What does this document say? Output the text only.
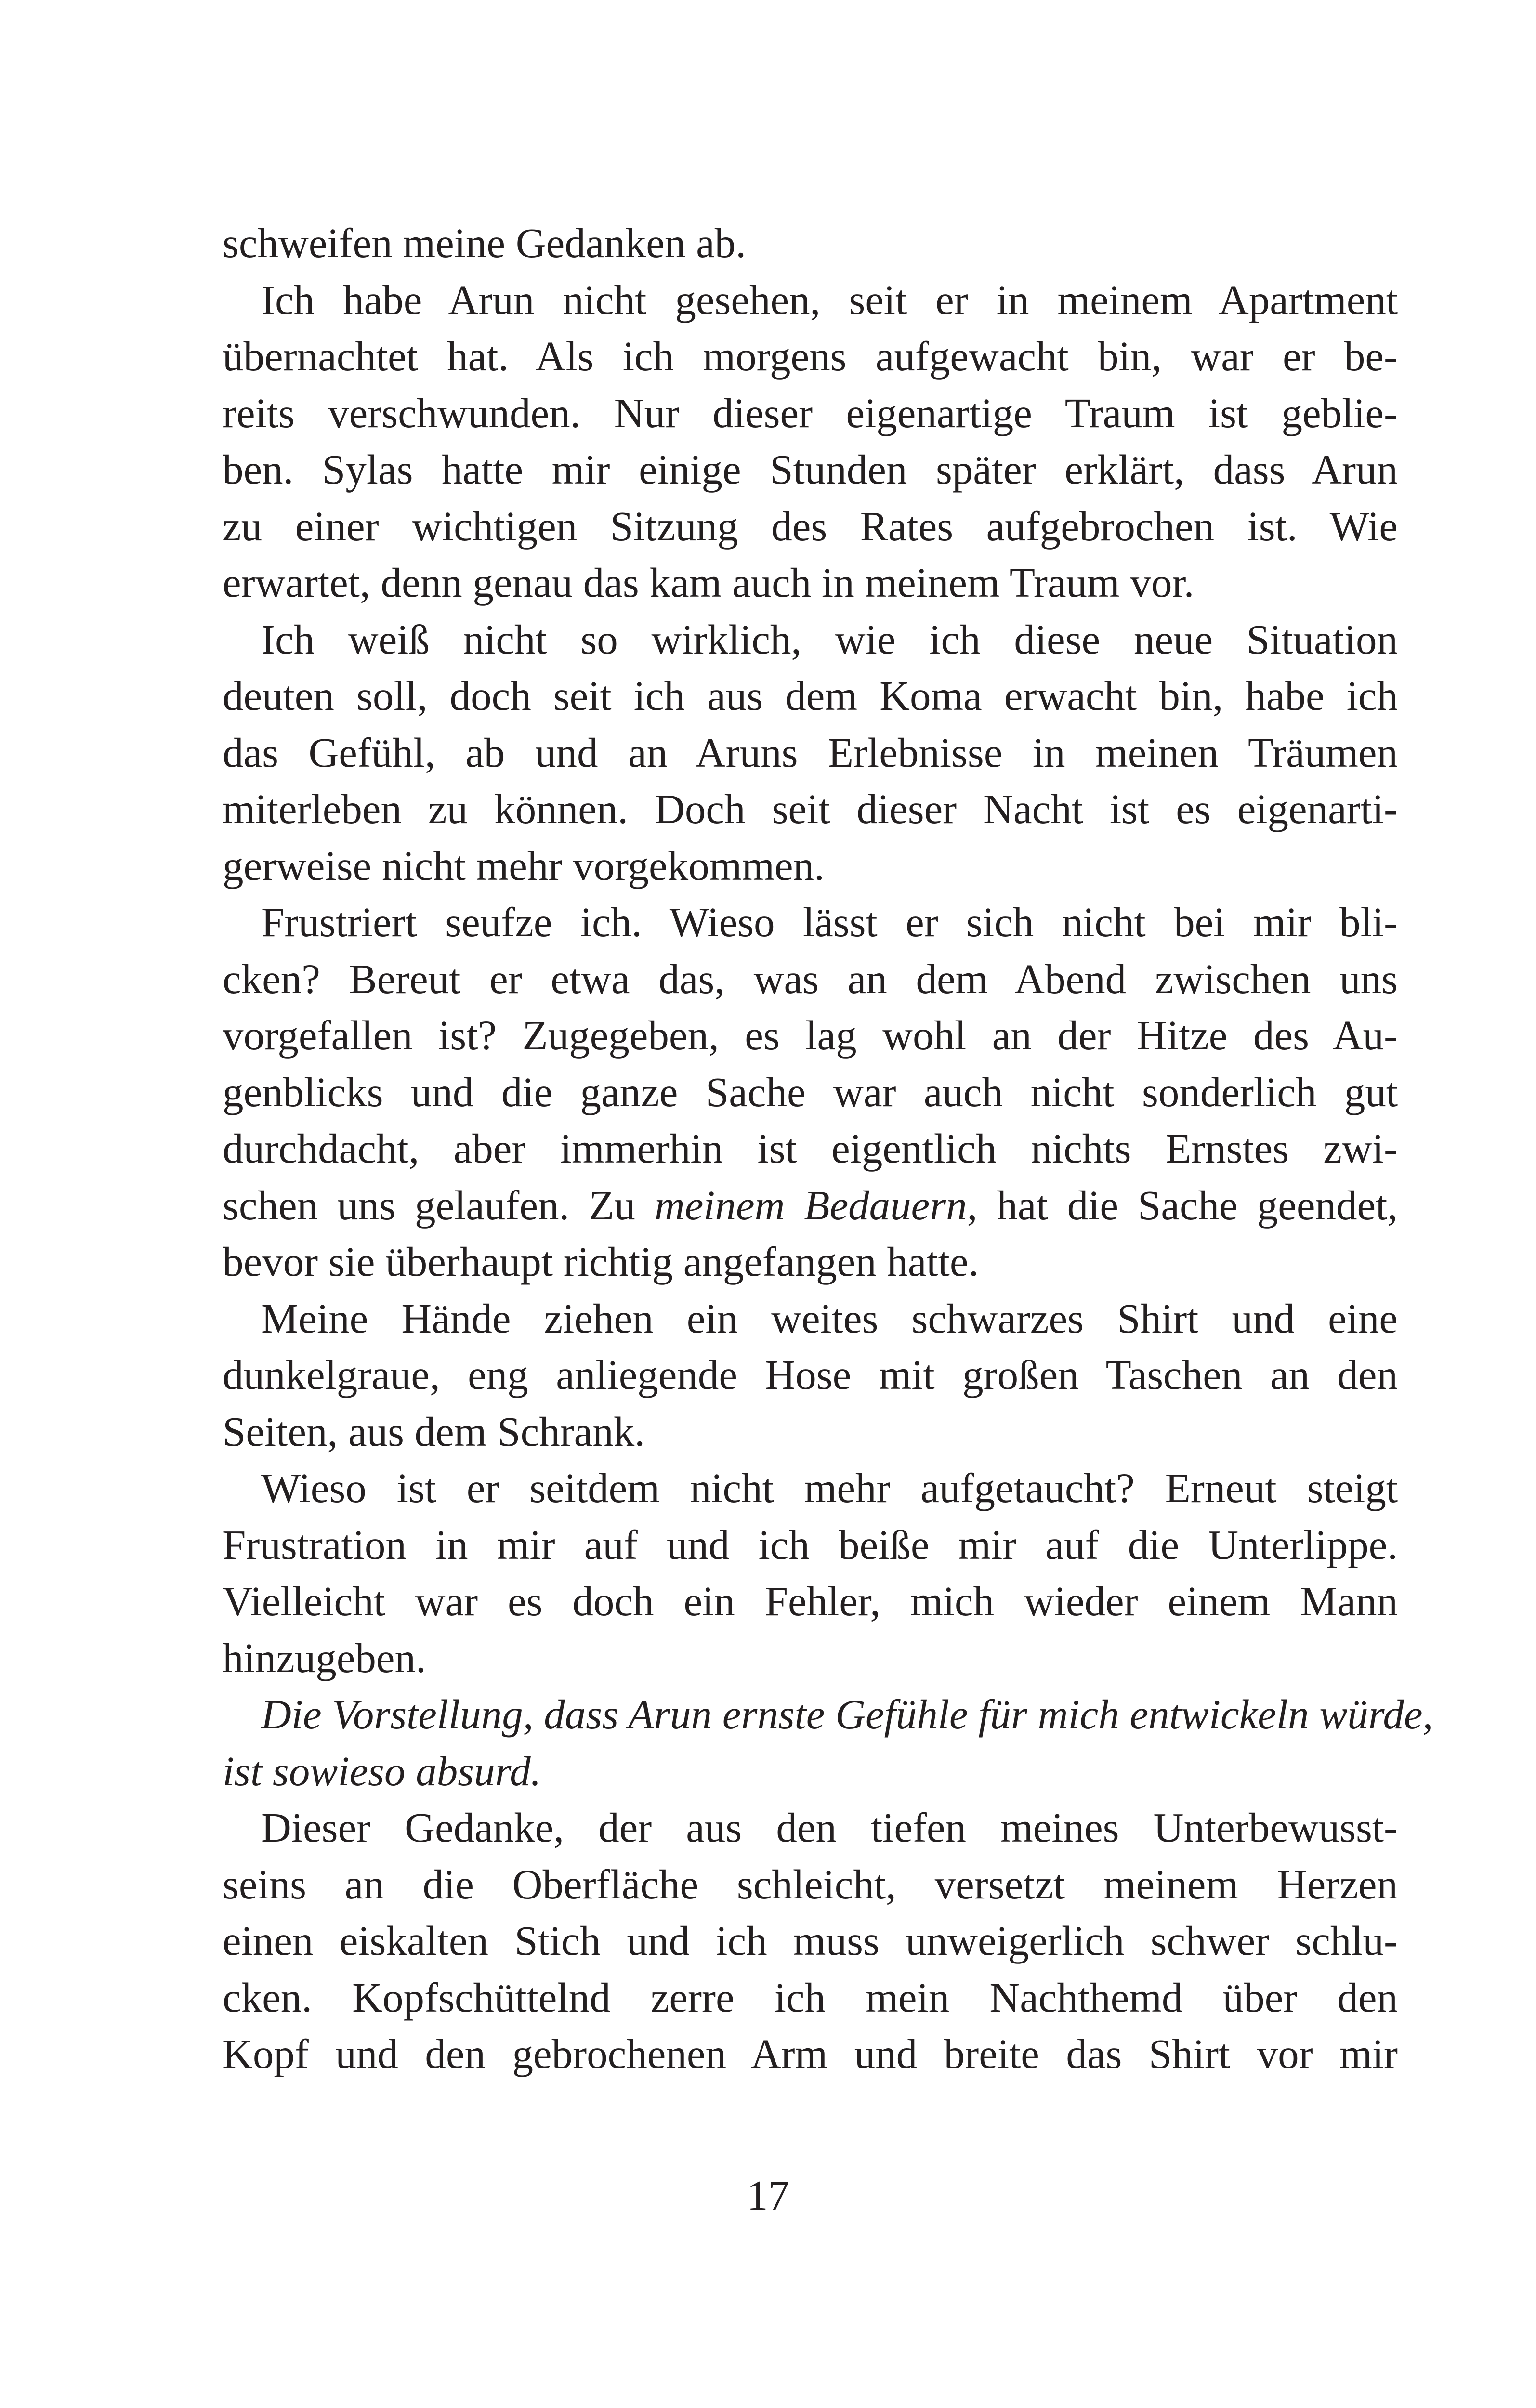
schweifen meine Gedanken ab.
Ich habe Arun nicht gesehen, seit er in meinem Apartment
übernachtet hat. Als ich morgens aufgewacht bin, war er be-
reits verschwunden. Nur dieser eigenartige Traum ist geblie-
ben. Sylas hatte mir einige Stunden später erklärt, dass Arun
zu einer wichtigen Sitzung des Rates aufgebrochen ist. Wie
erwartet, denn genau das kam auch in meinem Traum vor.
Ich weiß nicht so wirklich, wie ich diese neue Situation
deuten soll, doch seit ich aus dem Koma erwacht bin, habe ich
das Gefühl, ab und an Aruns Erlebnisse in meinen Träumen
miterleben zu können. Doch seit dieser Nacht ist es eigenarti-
gerweise nicht mehr vorgekommen.
Frustriert seufze ich. Wieso lässt er sich nicht bei mir bli-
cken? Bereut er etwa das, was an dem Abend zwischen uns
vorgefallen ist? Zugegeben, es lag wohl an der Hitze des Au-
genblicks und die ganze Sache war auch nicht sonderlich gut
durchdacht, aber immerhin ist eigentlich nichts Ernstes zwi-
schen uns gelaufen. Zu meinem Bedauern, hat die Sache geendet,
bevor sie überhaupt richtig angefangen hatte.
Meine Hände ziehen ein weites schwarzes Shirt und eine
dunkelgraue, eng anliegende Hose mit großen Taschen an den
Seiten, aus dem Schrank.
Wieso ist er seitdem nicht mehr aufgetaucht? Erneut steigt
Frustration in mir auf und ich beiße mir auf die Unterlippe.
Vielleicht war es doch ein Fehler, mich wieder einem Mann
hinzugeben.
Die Vorstellung, dass Arun ernste Gefühle für mich entwickeln würde,
ist sowieso absurd.
Dieser Gedanke, der aus den tiefen meines Unterbewusst-
seins an die Oberfläche schleicht, versetzt meinem Herzen
einen eiskalten Stich und ich muss unweigerlich schwer schlu-
cken. Kopfschüttelnd zerre ich mein Nachthemd über den
Kopf und den gebrochenen Arm und breite das Shirt vor mir
17
